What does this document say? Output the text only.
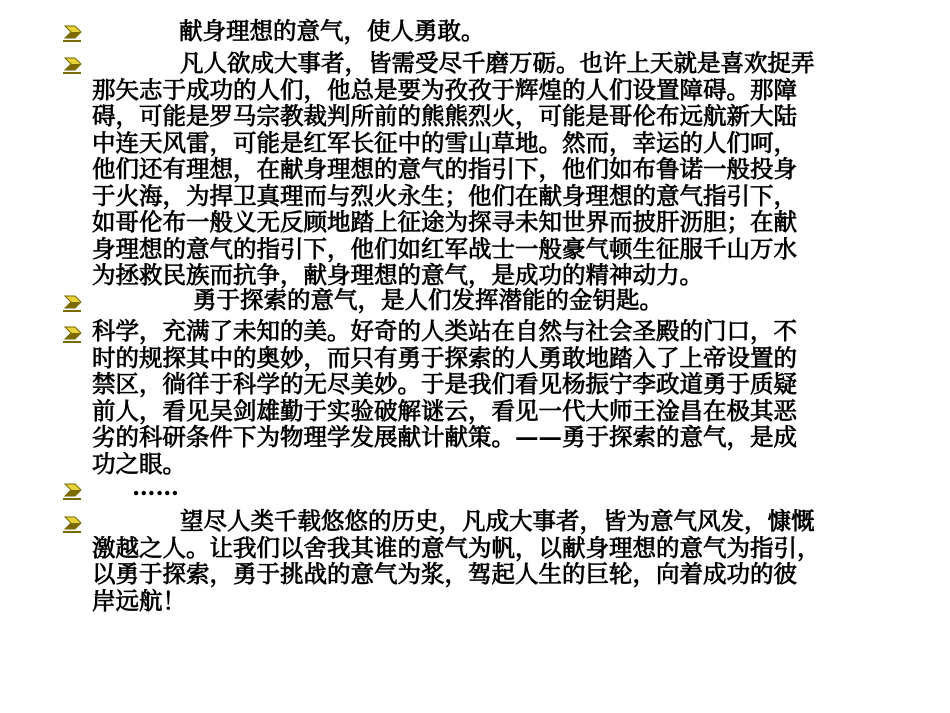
献身理想的意气，使人勇敢。
凡人欲成大事者，皆需受尽千磨万砺。也许上天就是喜欢捉弄
那矢志于成功的人们，他总是要为孜孜于辉煌的人们设置障碍。那障
碍，可能是罗马宗教裁判所前的熊熊烈火，可能是哥伦布远航新大陆
中连天风雷，可能是红军长征中的雪山草地。然而，幸运的人们呵，
他们还有理想，在献身理想的意气的指引下，他们如布鲁诺一般投身
于火海，为捍卫真理而与烈火永生；他们在献身理想的意气指引下，
如哥伦布一般义无反顾地踏上征途为探寻未知世界而披肝沥胆；在献
身理想的意气的指引下，他们如红军战士一般豪气顿生征服千山万水
为拯救民族而抗争，献身理想的意气，是成功的精神动力。
勇于探索的意气，是人们发挥潜能的金钥匙。
科学，充满了未知的美。好奇的人类站在自然与社会圣殿的门口，不
时的规探其中的奥妙，而只有勇于探索的人勇敢地踏入了上帝设置的
禁区，徜徉于科学的无尽美妙。于是我们看见杨振宁李政道勇于质疑
前人，看见吴剑雄勤于实验破解谜云，看见一代大师王淦昌在极其恶
劣的科研条件下为物理学发展献计献策。——勇于探索的意气，是成
功之眼。
……
望尽人类千载悠悠的历史，凡成大事者，皆为意气风发，慷慨
激越之人。让我们以舍我其谁的意气为帆，以献身理想的意气为指引，
以勇于探索，勇于挑战的意气为浆，驾起人生的巨轮，向着成功的彼
岸远航！
